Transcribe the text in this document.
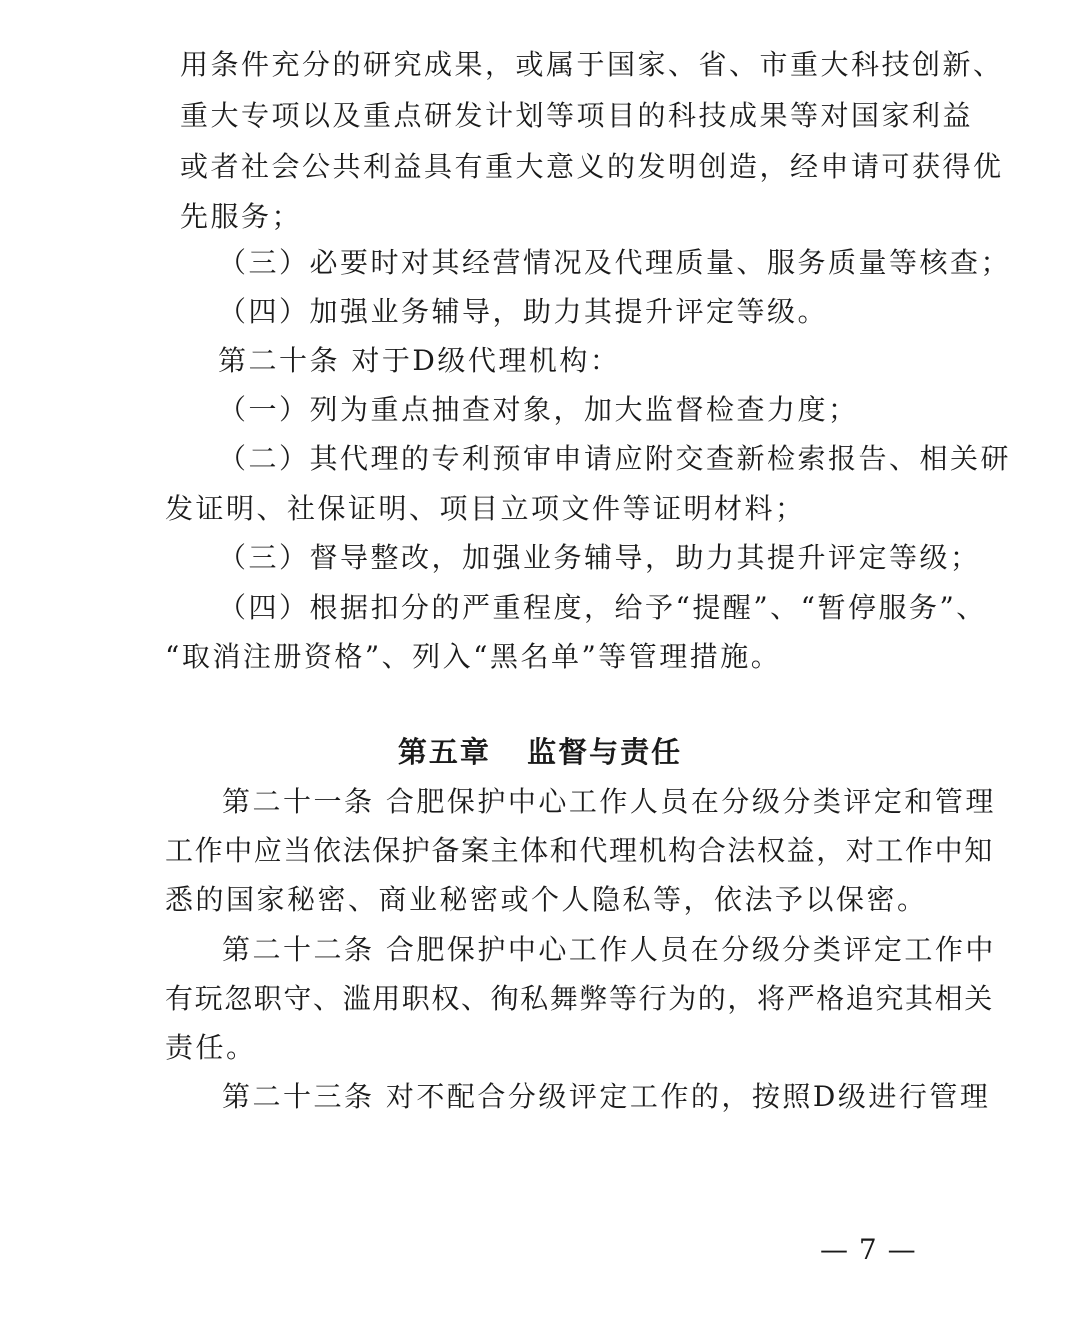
用条件充分的研究成果，或属于国家、省、市重大科技创新、
重大专项以及重点研发计划等项目的科技成果等对国家利益
或者社会公共利益具有重大意义的发明创造，经申请可获得优
先服务；
（三）必要时对其经营情况及代理质量、服务质量等核查；
（四）加强业务辅导，助力其提升评定等级。
第二十条 对于D级代理机构：
（一）列为重点抽查对象，加大监督检查力度；
（二）其代理的专利预审申请应附交查新检索报告、相关研
发证明、社保证明、项目立项文件等证明材料；
（三）督导整改，加强业务辅导，助力其提升评定等级；
（四）根据扣分的严重程度，给予“提醒”、“暂停服务”、
“取消注册资格”、列入“黑名单”等管理措施。
第五章   监督与责任
第二十一条 合肥保护中心工作人员在分级分类评定和管理
工作中应当依法保护备案主体和代理机构合法权益，对工作中知
悉的国家秘密、商业秘密或个人隐私等，依法予以保密。
第二十二条 合肥保护中心工作人员在分级分类评定工作中
有玩忽职守、滥用职权、徇私舞弊等行为的，将严格追究其相关
责任。
第二十三条 对不配合分级评定工作的，按照D级进行管理
— 7 —
